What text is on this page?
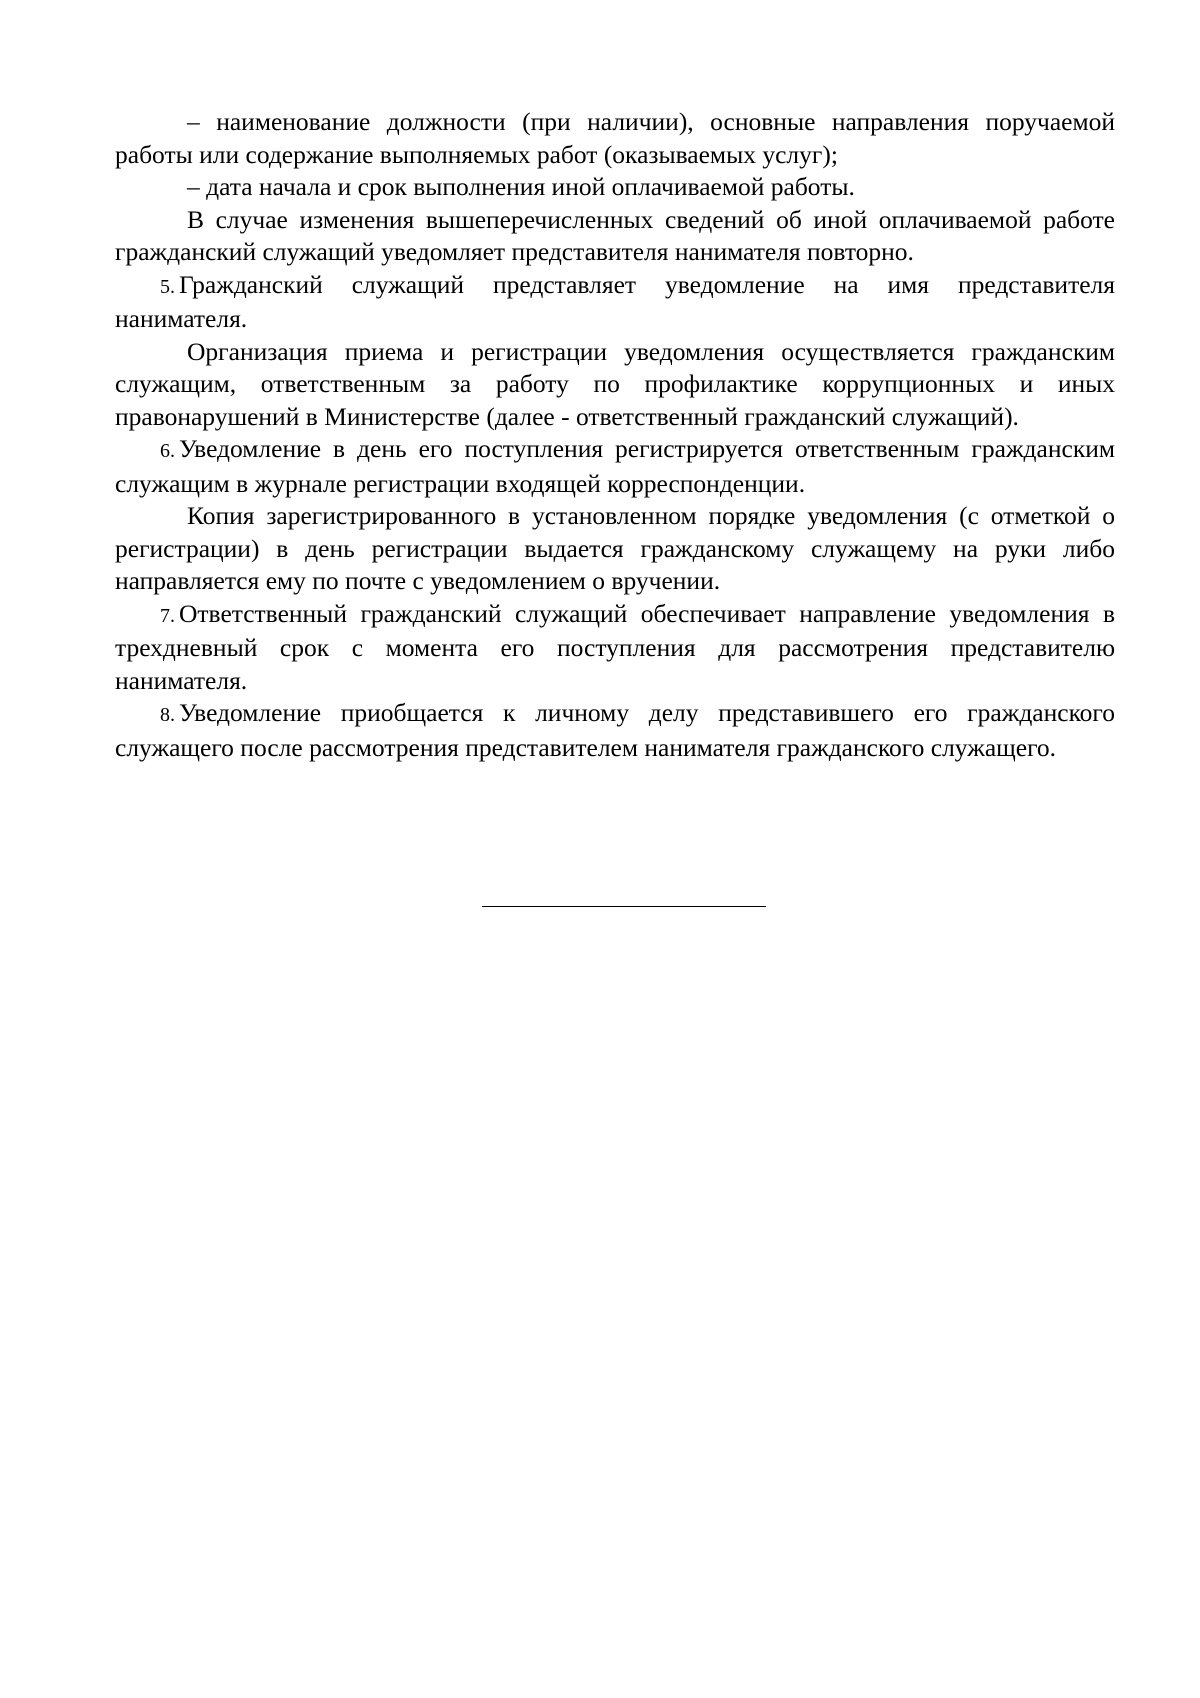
– наименование должности (при наличии), основные направления поручаемой работы или содержание выполняемых работ (оказываемых услуг);

– дата начала и срок выполнения иной оплачиваемой работы.

В случае изменения вышеперечисленных сведений об иной оплачиваемой работе гражданский служащий уведомляет представителя нанимателя повторно.

5. Гражданский служащий представляет уведомление на имя представителя нанимателя.

Организация приема и регистрации уведомления осуществляется гражданским служащим, ответственным за работу по профилактике коррупционных и иных правонарушений в Министерстве (далее - ответственный гражданский служащий).

6. Уведомление в день его поступления регистрируется ответственным гражданским служащим в журнале регистрации входящей корреспонденции.

Копия зарегистрированного в установленном порядке уведомления (с отметкой о регистрации) в день регистрации выдается гражданскому служащему на руки либо направляется ему по почте с уведомлением о вручении.

7. Ответственный гражданский служащий обеспечивает направление уведомления в трехдневный срок с момента его поступления для рассмотрения представителю нанимателя.

8. Уведомление приобщается к личному делу представившего его гражданского служащего после рассмотрения представителем нанимателя гражданского служащего.
